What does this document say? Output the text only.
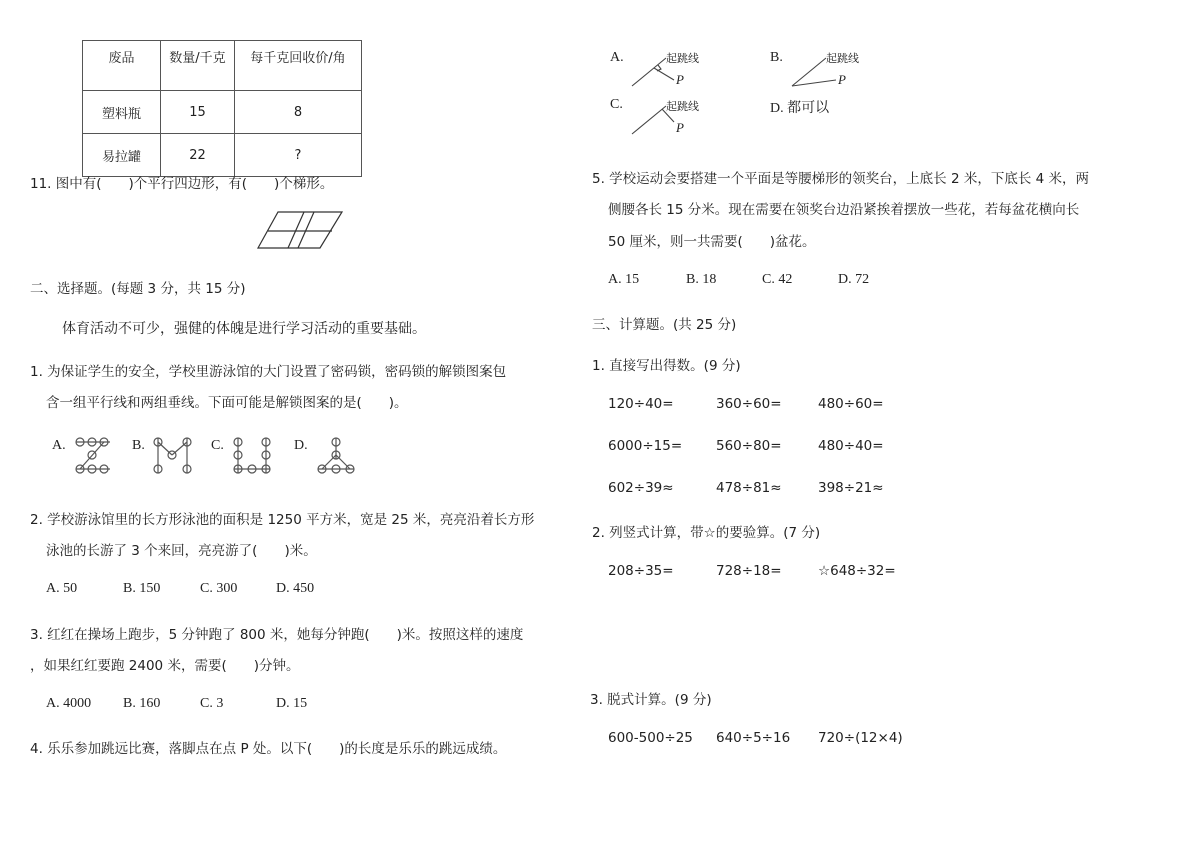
废品	数量/千克	每千克回收价/角
塑料瓶	15	8
易拉罐	22	?
11. 图中有(　　)个平行四边形，有(　　)个梯形。
二、选择题。(每题 3 分，共 15 分)
体育活动不可少，强健的体魄是进行学习活动的重要基础。
1. 为保证学生的安全，学校里游泳馆的大门设置了密码锁，密码锁的解锁图案包
含一组平行线和两组垂线。下面可能是解锁图案的是(　　)。
A.	B.	C.	D.
2. 学校游泳馆里的长方形泳池的面积是 1250 平方米，宽是 25 米，亮亮沿着长方形
泳池的长游了 3 个来回，亮亮游了(　　)米。
A. 50	B. 150	C. 300	D. 450
3. 红红在操场上跑步，5 分钟跑了 800 米，她每分钟跑(　　)米。按照这样的速度
，如果红红要跑 2400 米，需要(　　)分钟。
A. 4000 B. 160	C. 3	D. 15
4. 乐乐参加跳远比赛，落脚点在点 P 处。以下(　　)的长度是乐乐的跳远成绩。
A.	起跳线
P
B.	起跳线
P
C.	起跳线
P
D. 都可以
5. 学校运动会要搭建一个平面是等腰梯形的领奖台，上底长 2 米，下底长 4 米，两
侧腰各长 15 分米。现在需要在领奖台边沿紧挨着摆放一些花，若每盆花横向长
50 厘米，则一共需要(　　)盆花。
A. 15	B. 18	C. 42	D. 72
三、计算题。(共 25 分)
1. 直接写出得数。(9 分)
120÷40=	360÷60=	480÷60=
6000÷15=	560÷80=	480÷40=
602÷39≈	478÷81≈	398÷21≈
2. 列竖式计算，带☆的要验算。(7 分)
208÷35=	728÷18=	☆648÷32=
3. 脱式计算。(9 分)
600-500÷25 640÷5÷16 720÷(12×4)
